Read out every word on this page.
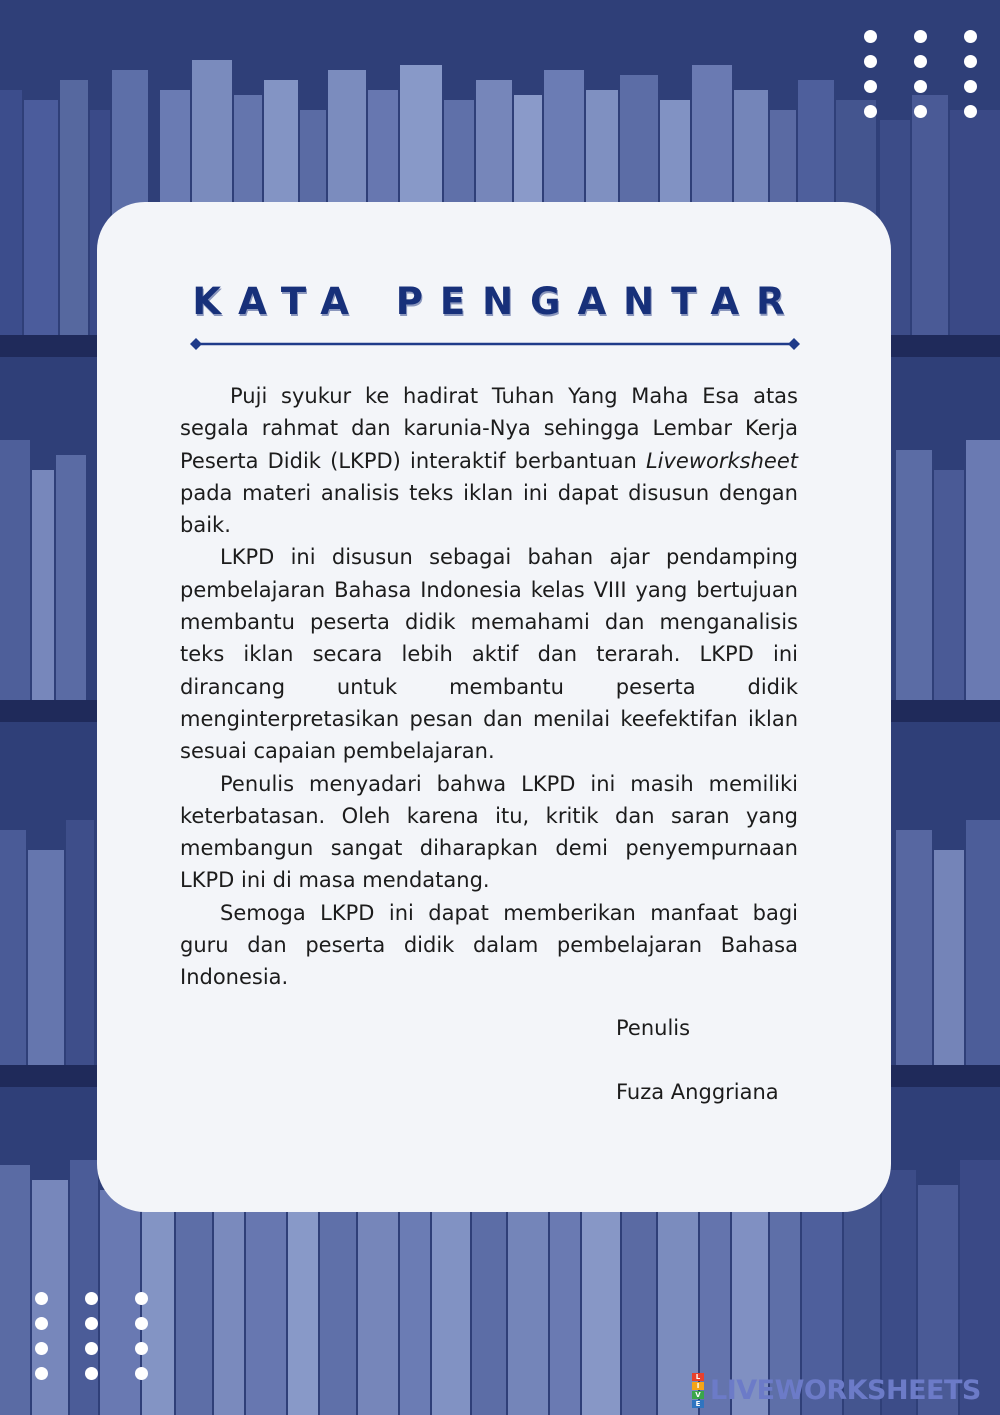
KATA PENGANTAR

Puji syukur ke hadirat Tuhan Yang Maha Esa atas segala rahmat dan karunia-Nya sehingga Lembar Kerja Peserta Didik (LKPD) interaktif berbantuan Liveworksheet pada materi analisis teks iklan ini dapat disusun dengan baik.

LKPD ini disusun sebagai bahan ajar pendamping pembelajaran Bahasa Indonesia kelas VIII yang bertujuan membantu peserta didik memahami dan menganalisis teks iklan secara lebih aktif dan terarah. LKPD ini dirancang untuk membantu peserta didik menginterpretasikan pesan dan menilai keefektifan iklan sesuai capaian pembelajaran.

Penulis menyadari bahwa LKPD ini masih memiliki keterbatasan. Oleh karena itu, kritik dan saran yang membangun sangat diharapkan demi penyempurnaan LKPD ini di masa mendatang.

Semoga LKPD ini dapat memberikan manfaat bagi guru dan peserta didik dalam pembelajaran Bahasa Indonesia.

Penulis
Fuza Anggriana
L
I
V
E LIVEWORKSHEETS
